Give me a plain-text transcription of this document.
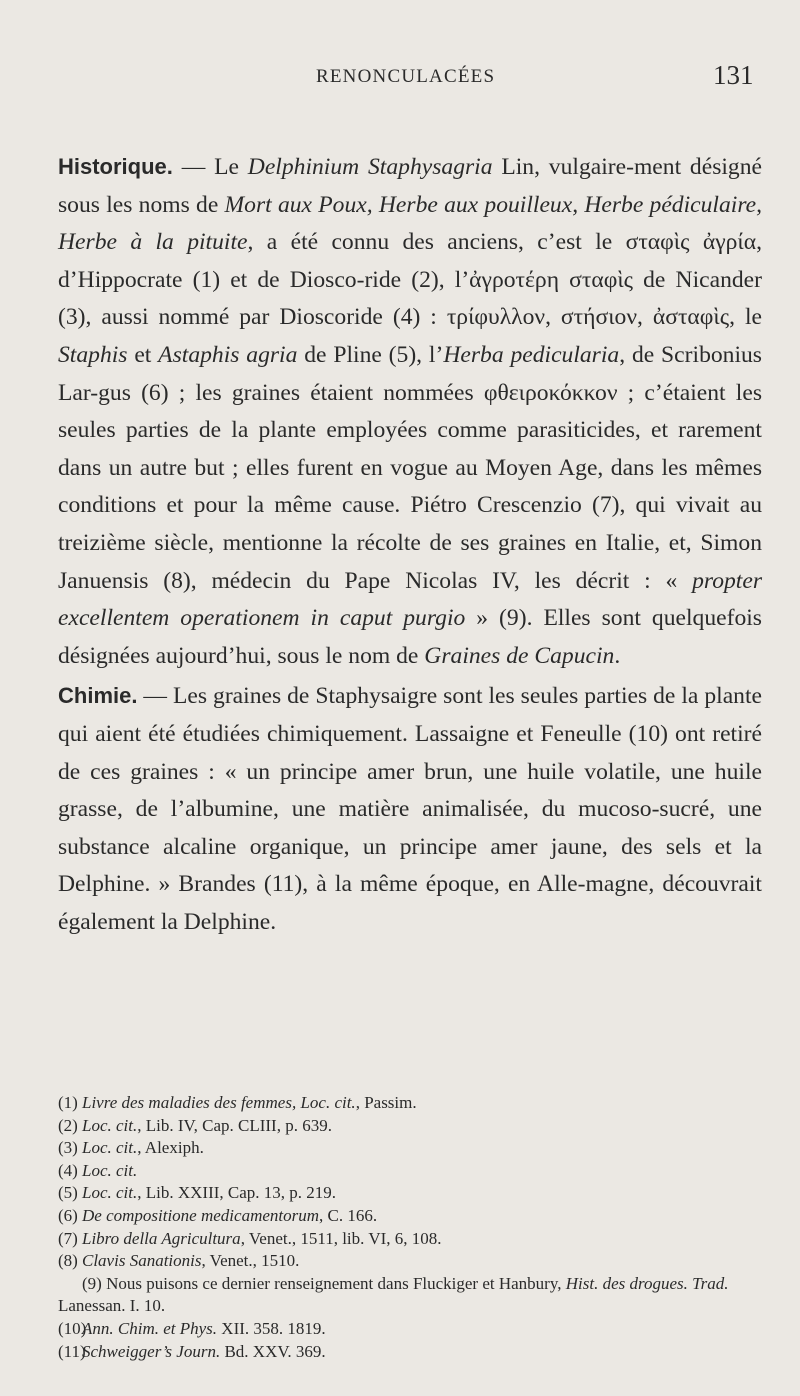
RENONCULACÉES	131

Historique. — Le Delphinium Staphysagria Lin, vulgaire-ment désigné sous les noms de Mort aux Poux, Herbe aux pouilleux, Herbe pédiculaire, Herbe à la pituite, a été connu des anciens, c’est le σταφὶς ἀγρία, d’Hippocrate (1) et de Diosco-ride (2), l’ἀγροτέρη σταφὶς de Nicander (3), aussi nommé par Dioscoride (4) : τρίφυλλον, στήσιον, ἀσταφὶς, le Staphis et Astaphis agria de Pline (5), l’Herba pedicularia, de Scribonius Lar-gus (6) ; les graines étaient nommées φθειροκόκκον ; c’étaient les seules parties de la plante employées comme parasiticides, et rarement dans un autre but ; elles furent en vogue au Moyen Age, dans les mêmes conditions et pour la même cause. Piétro Crescenzio (7), qui vivait au treizième siècle, mentionne la récolte de ses graines en Italie, et, Simon Januensis (8), médecin du Pape Nicolas IV, les décrit : « propter excellentem operationem in caput purgio » (9). Elles sont quelquefois désignées aujourd’hui, sous le nom de Graines de Capucin.

Chimie. — Les graines de Staphysaigre sont les seules parties de la plante qui aient été étudiées chimiquement. Lassaigne et Feneulle (10) ont retiré de ces graines : « un principe amer brun, une huile volatile, une huile grasse, de l’albumine, une matière animalisée, du mucoso-sucré, une substance alcaline organique, un principe amer jaune, des sels et la Delphine. » Brandes (11), à la même époque, en Alle-magne, découvrait également la Delphine.

(1) Livre des maladies des femmes, Loc. cit., Passim.

(2) Loc. cit., Lib. IV, Cap. CLIII, p. 639.

(3) Loc. cit., Alexiph.

(4) Loc. cit.

(5) Loc. cit., Lib. XXIII, Cap. 13, p. 219.

(6) De compositione medicamentorum, C. 166.

(7) Libro della Agricultura, Venet., 1511, lib. VI, 6, 108.

(8) Clavis Sanationis, Venet., 1510.

(9) Nous puisons ce dernier renseignement dans Fluckiger et Hanbury, Hist. des drogues. Trad. Lanessan. I. 10.

(10)Ann. Chim. et Phys. XII. 358. 1819.

(11)Schweigger’s Journ. Bd. XXV. 369.
